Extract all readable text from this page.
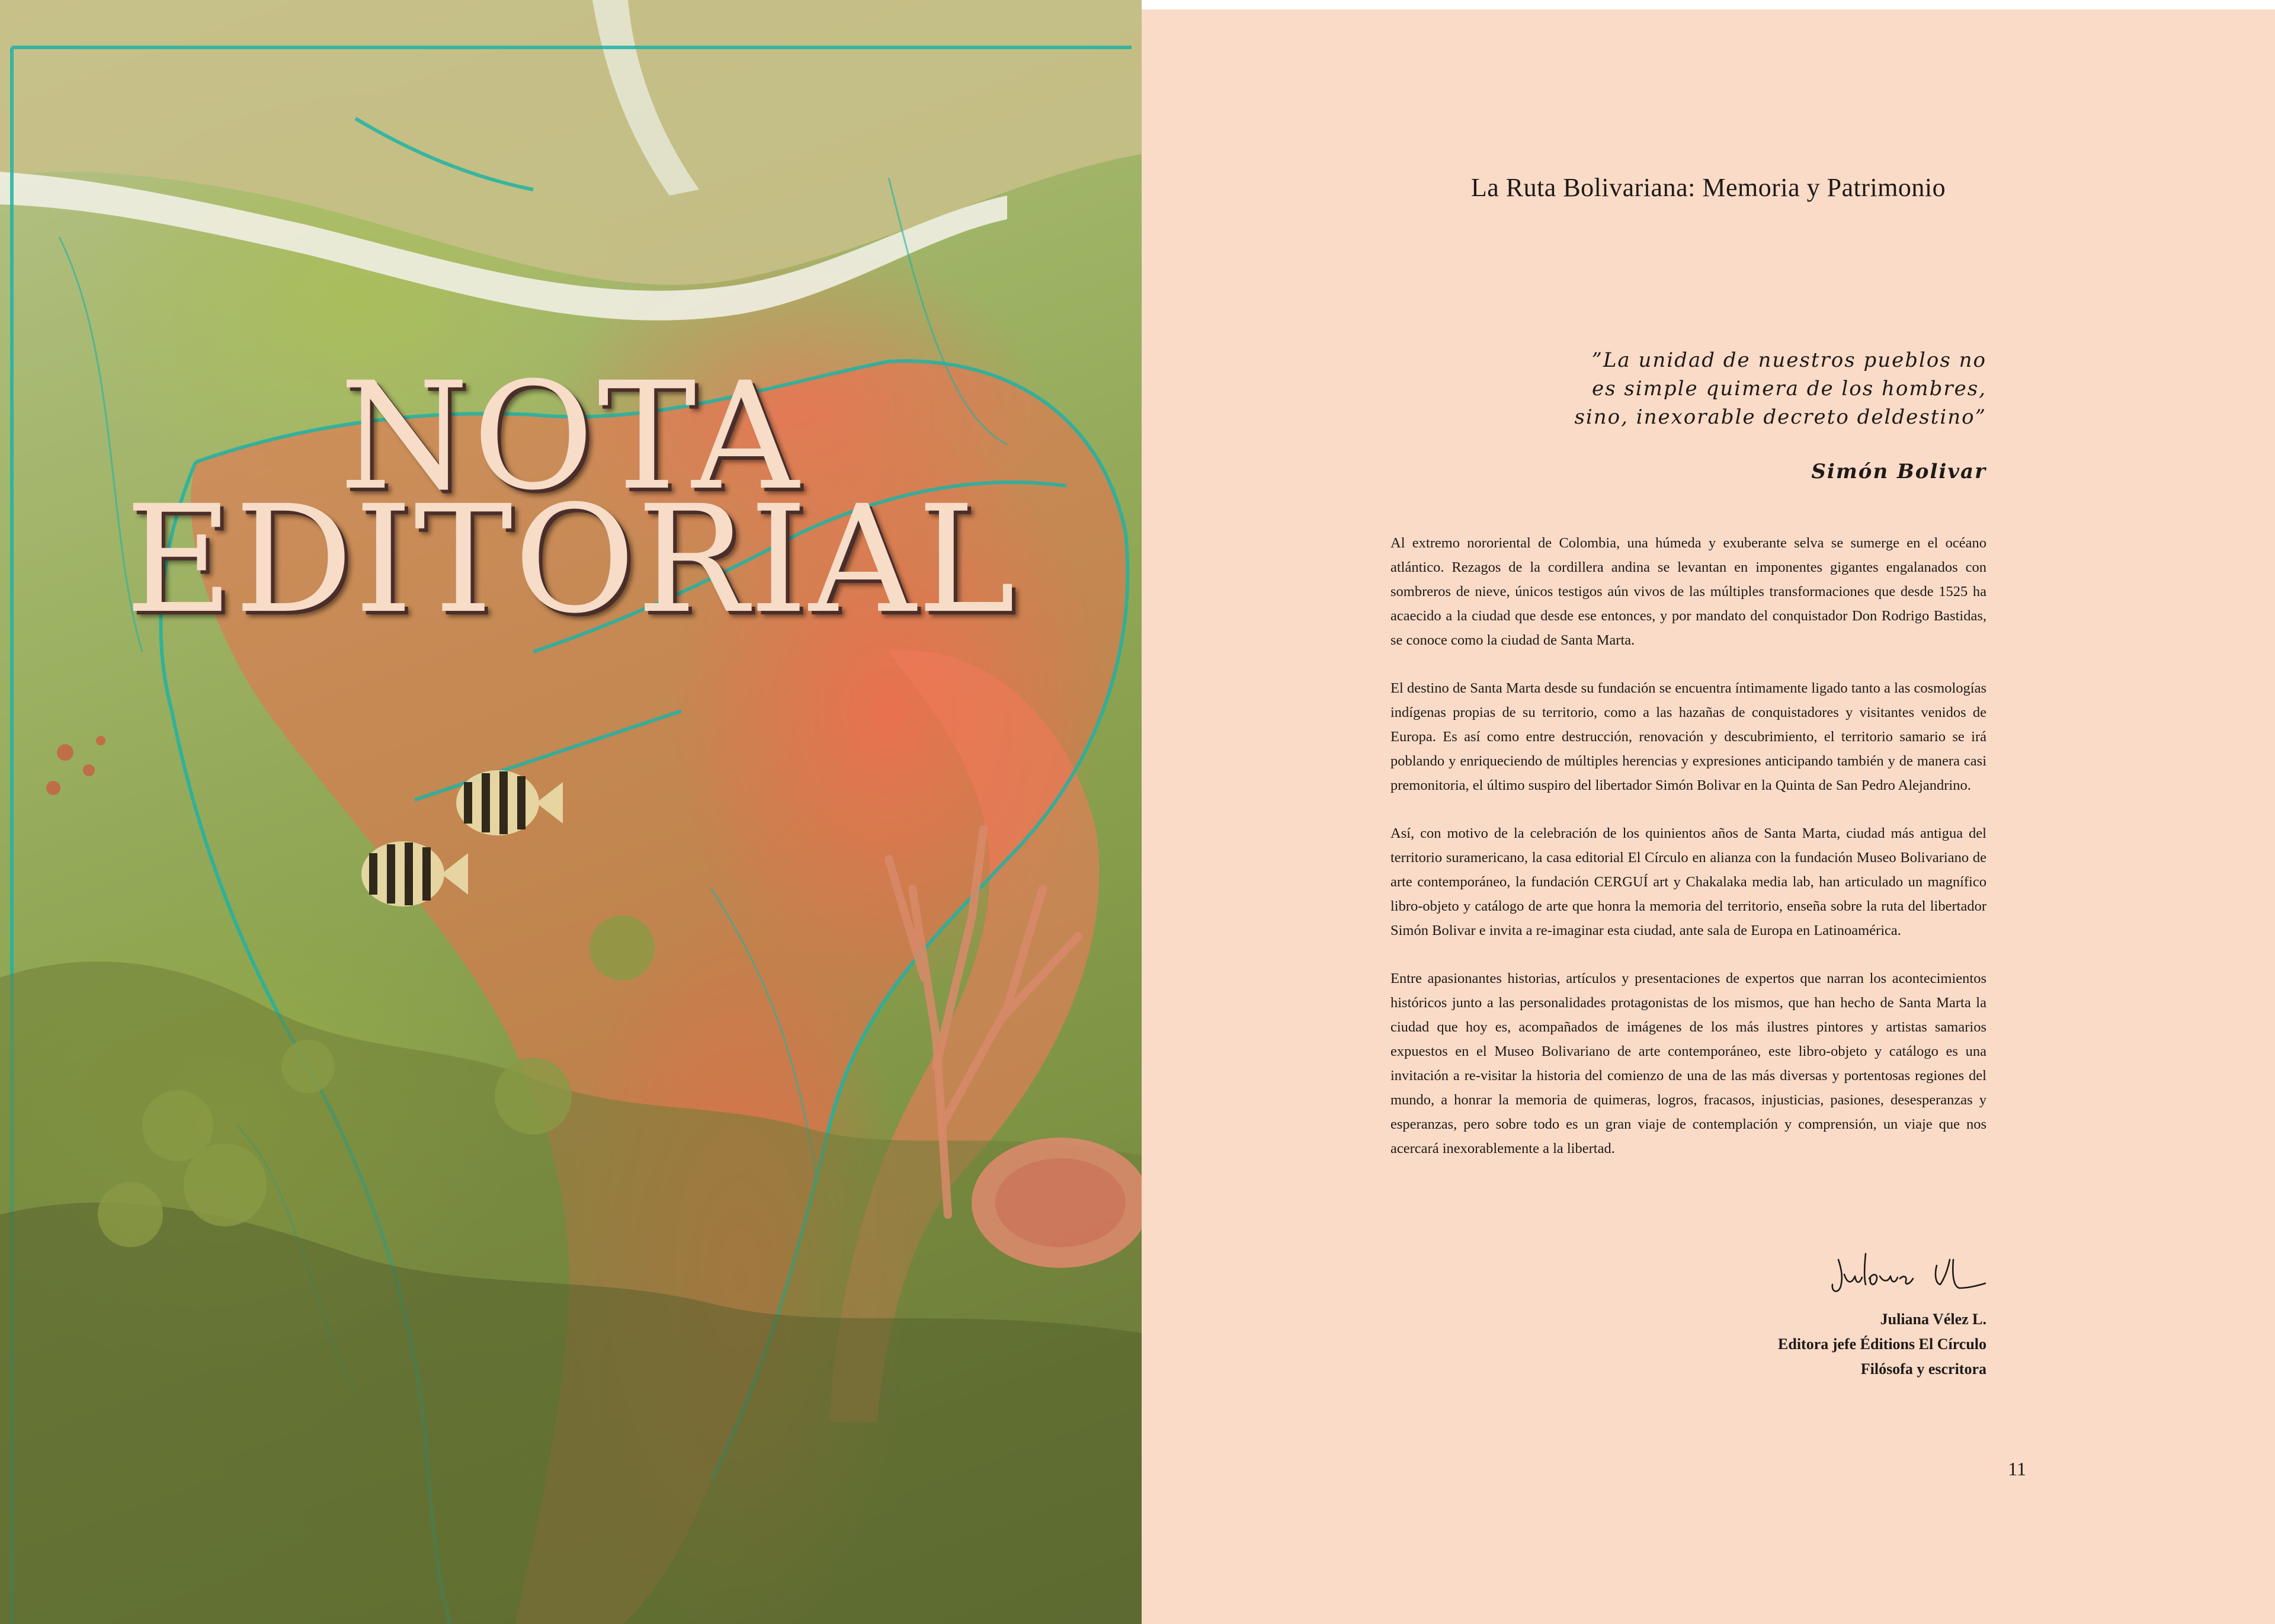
NOTA
EDITORIAL
La Ruta Bolivariana: Memoria y Patrimonio
”La unidad de nuestros pueblos no
es simple quimera de los hombres,
sino, inexorable decreto deldestino”
Simón Bolivar

Al extremo nororiental de Colombia, una húmeda y exuberante selva se sumerge en el océano atlántico. Rezagos de la cordillera andina se levantan en imponentes gigantes engalanados con sombreros de nieve, únicos testigos aún vivos de las múltiples transformaciones que desde 1525 ha acaecido a la ciudad que desde ese entonces, y por mandato del conquistador Don Rodrigo Bastidas, se conoce como la ciudad de Santa Marta.

El destino de Santa Marta desde su fundación se encuentra íntimamente ligado tanto a las cosmologías indígenas propias de su territorio, como a las hazañas de conquistadores y visitantes venidos de Europa. Es así como entre destrucción, renovación y descubrimiento, el territorio samario se irá poblando y enriqueciendo de múltiples herencias y expresiones anticipando también y de manera casi premonitoria, el último suspiro del libertador Simón Bolivar en la Quinta de San Pedro Alejandrino.

Así, con motivo de la celebración de los quinientos años de Santa Marta, ciudad más antigua del territorio suramericano, la casa editorial El Círculo en alianza con la fundación Museo Bolivariano de arte contemporáneo, la fundación CERGUÍ art y Chakalaka media lab, han articulado un magnífico libro-objeto y catálogo de arte que honra la memoria del territorio, enseña sobre la ruta del libertador Simón Bolivar e invita a re-imaginar esta ciudad, ante sala de Europa en Latinoamérica.

Entre apasionantes historias, artículos y presentaciones de expertos que narran los acontecimientos históricos junto a las personalidades protagonistas de los mismos, que han hecho de Santa Marta la ciudad que hoy es, acompañados de imágenes de los más ilustres pintores y artistas samarios expuestos en el Museo Bolivariano de arte contemporáneo, este libro-objeto y catálogo es una invitación a re-visitar la historia del comienzo de una de las más diversas y portentosas regiones del mundo, a honrar la memoria de quimeras, logros, fracasos, injusticias, pasiones, desesperanzas y esperanzas, pero sobre todo es un gran viaje de contemplación y comprensión, un viaje que nos acercará inexorablemente a la libertad.

Juliana Vélez L.
Editora jefe Éditions El Círculo
Filósofa y escritora
11
